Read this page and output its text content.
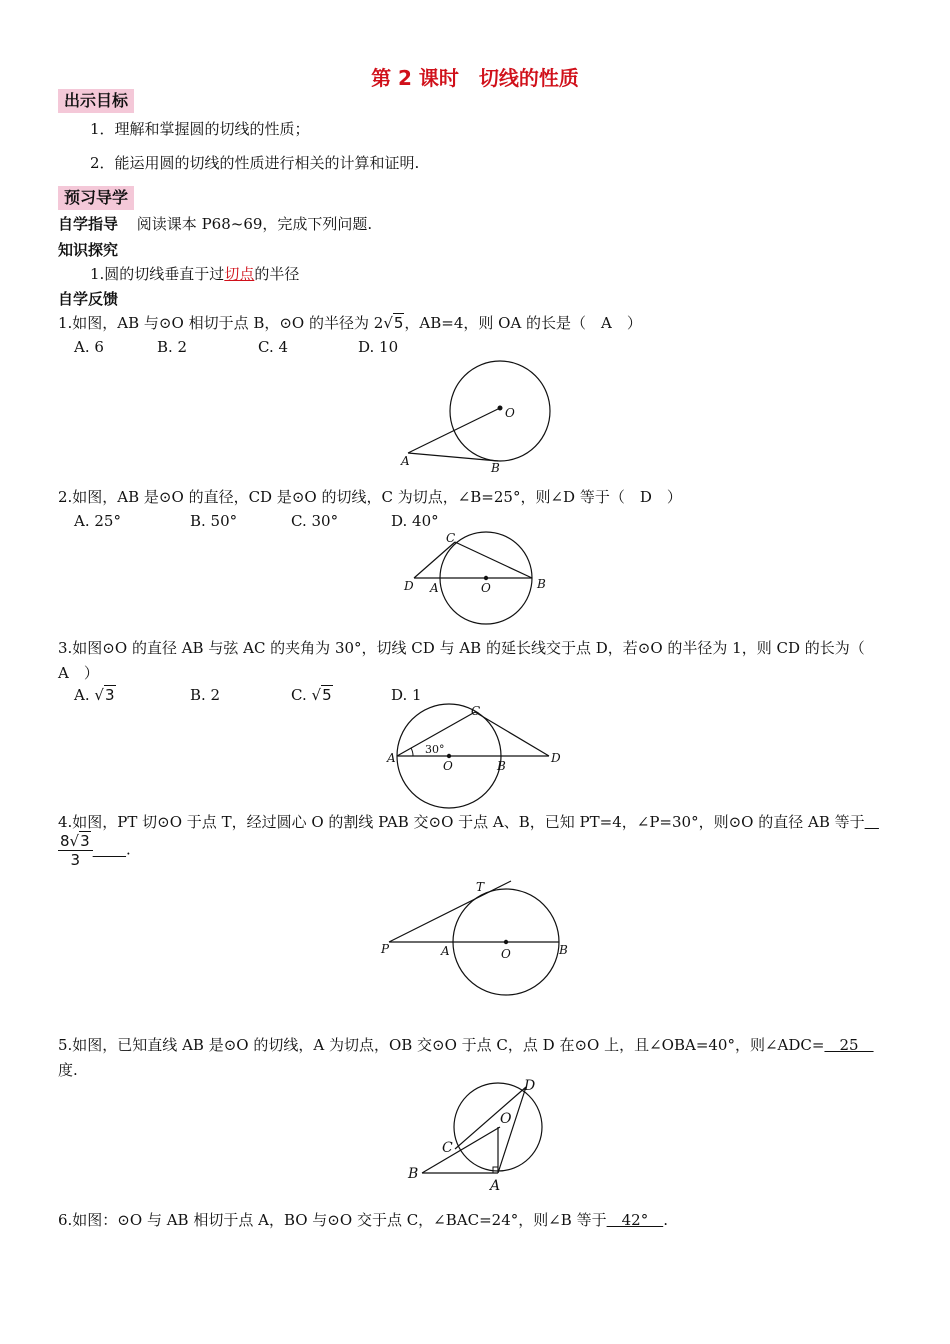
第 2 课时　切线的性质
出示目标
1．理解和掌握圆的切线的性质；
2．能运用圆的切线的性质进行相关的计算和证明.
预习导学
自学指导 阅读课本 P68~69，完成下列问题.
知识探究
1.圆的切线垂直于过切点的半径
自学反馈
1.如图，AB 与⊙O 相切于点 B，⊙O 的半径为 2√5，AB=4，则 OA 的长是（　A　）
A. 6	B. 2	C. 4	D. 10
O
A	B
2.如图，AB 是⊙O 的直径，CD 是⊙O 的切线，C 为切点，∠B=25°，则∠D 等于（　D　）
A. 25°	B. 50°	C. 30°	D. 40°
C
D A	O	B
3.如图⊙O 的直径 AB 与弦 AC 的夹角为 30°，切线 CD 与 AB 的延长线交于点 D，若⊙O 的半径为 1，则 CD 的长为（
A　）
A. √3	B. 2	C. √5	D. 1
C
A
30°
O	B
D
4.如图，PT 切⊙O 于点 T，经过圆心 O 的割线 PAB 交⊙O 于点 A、B，已知 PT=4，∠P=30°，则⊙O 的直径 AB 等于
$\frac{8√3}{3}$ .
T
P	A	O	B
5.如图，已知直线 AB 是⊙O 的切线，A 为切点，OB 交⊙O 于点 C，点 D 在⊙O 上，且∠OBA=40°，则∠ADC=　25　
度.
D
O
C
B
A
6.如图：⊙O 与 AB 相切于点 A，BO 与⊙O 交于点 C，∠BAC=24°，则∠B 等于　42°　.
